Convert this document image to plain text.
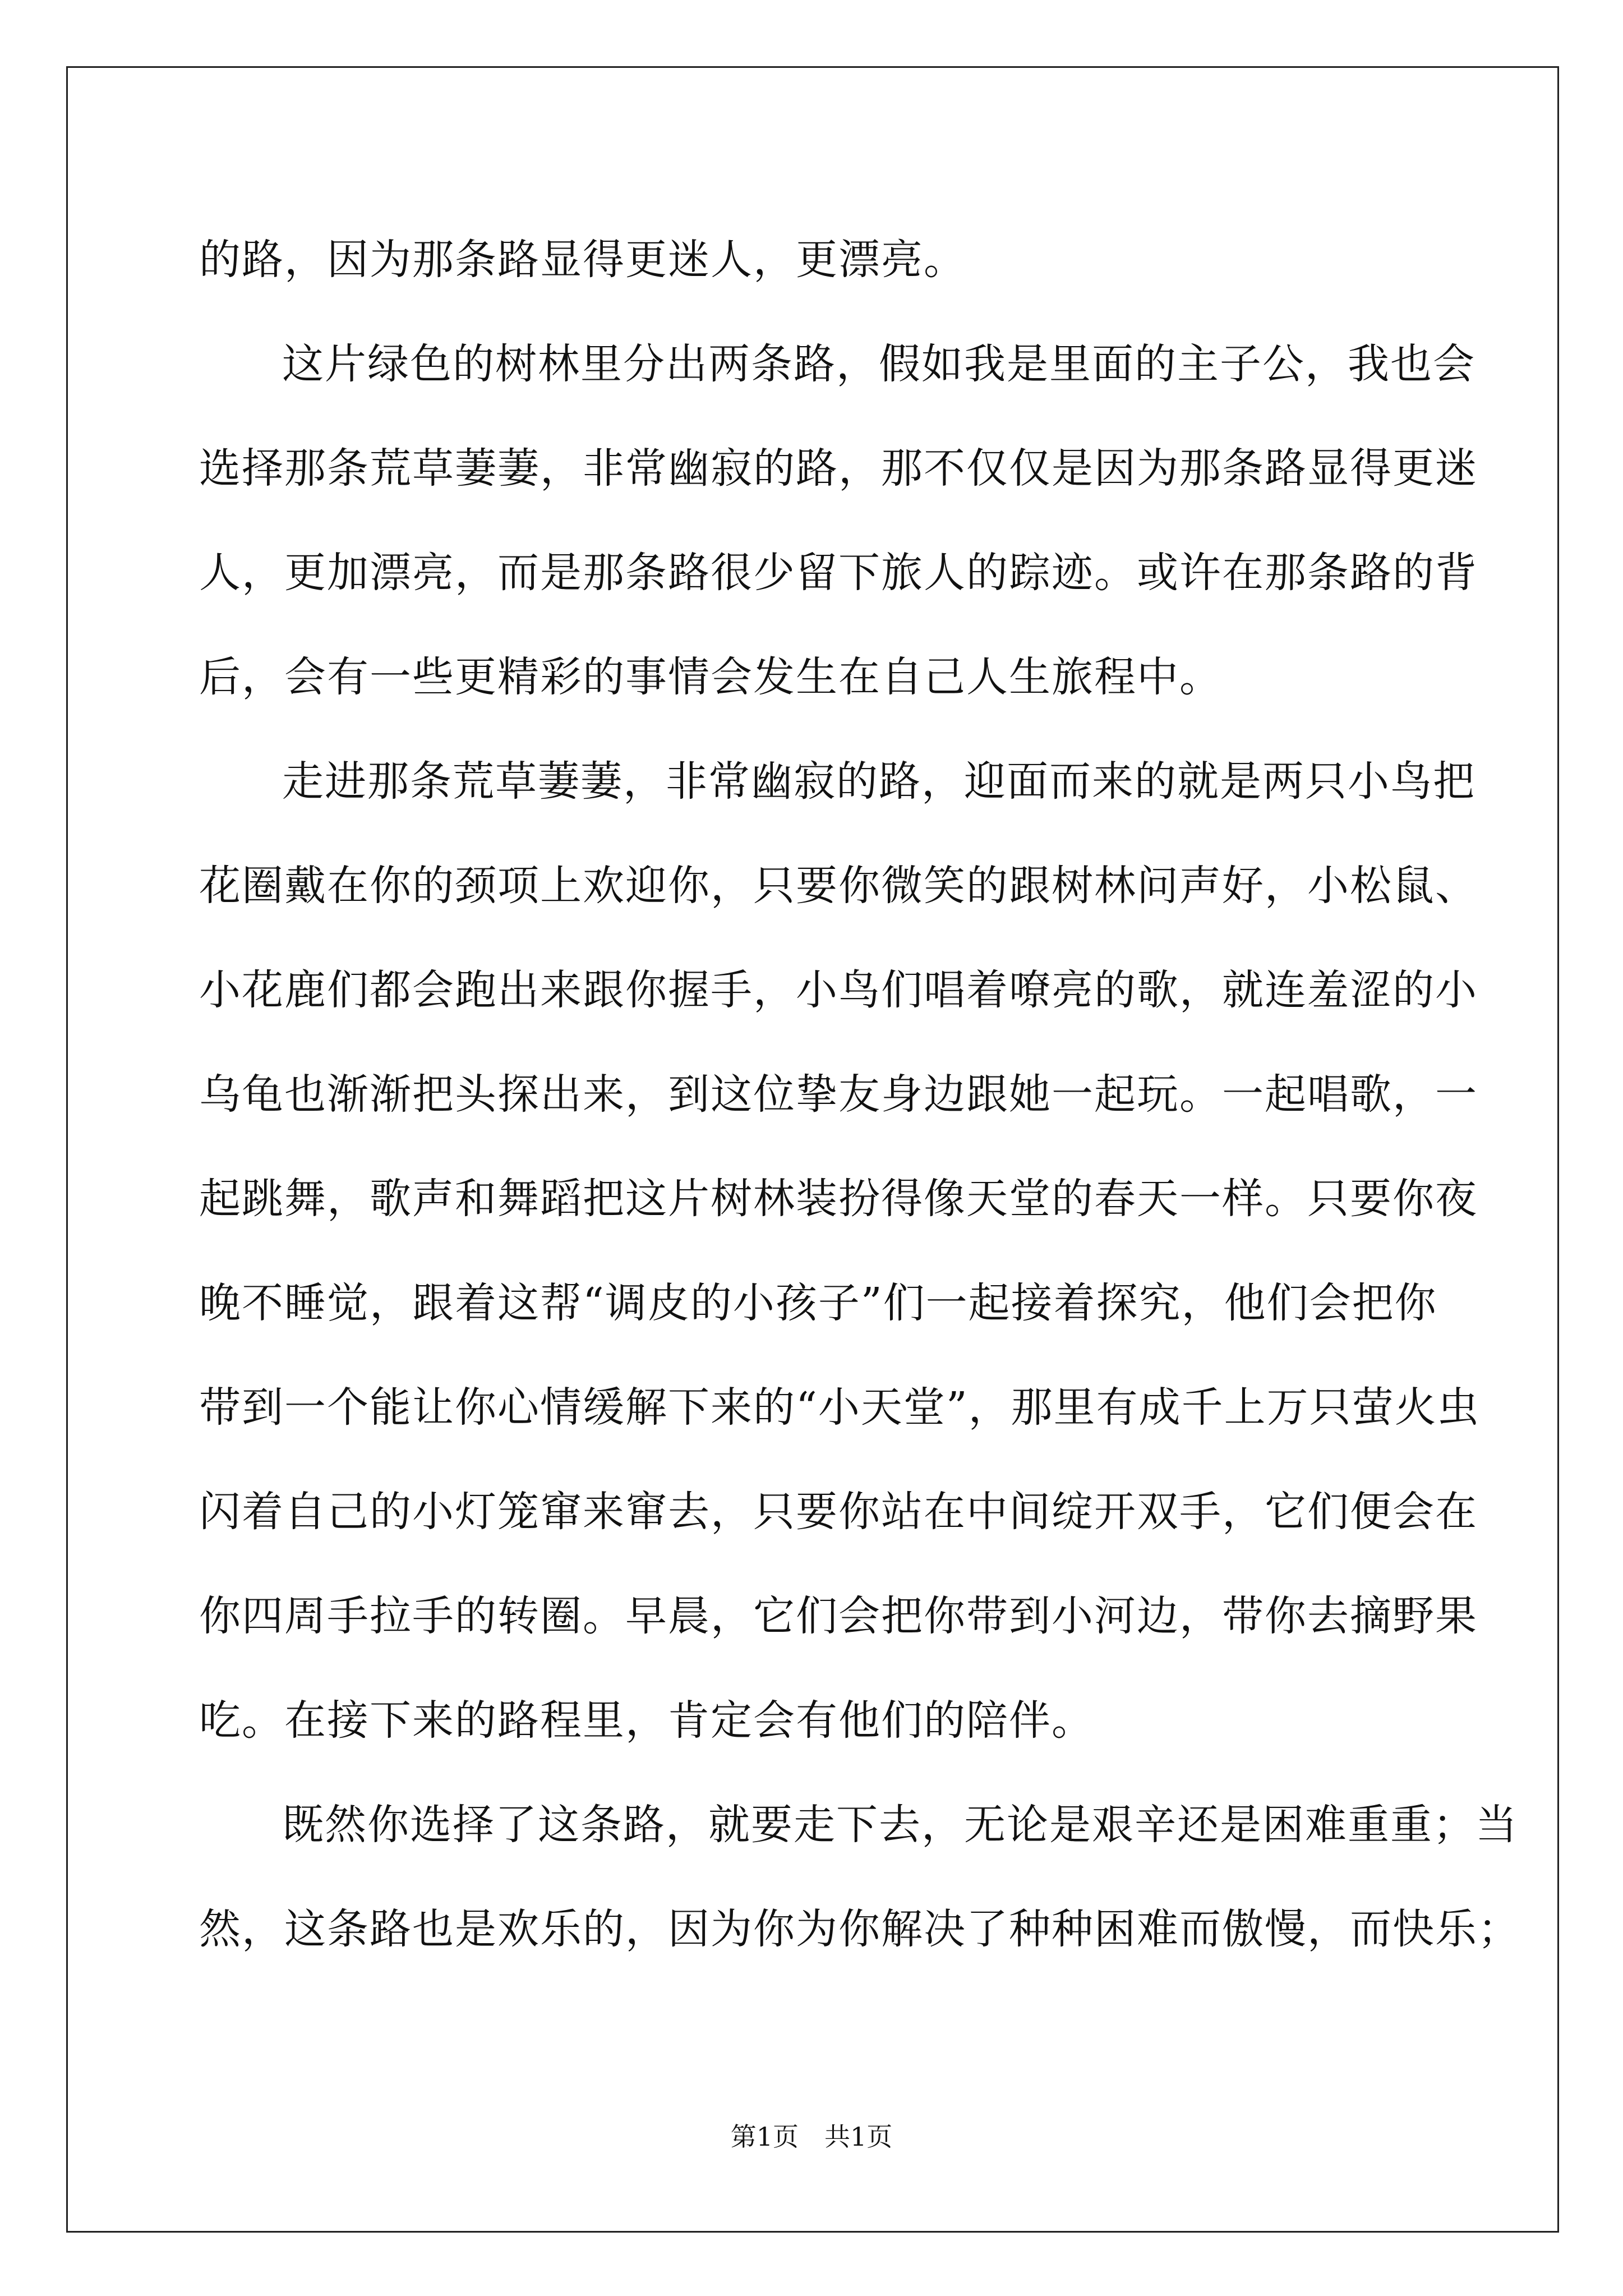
的路，因为那条路显得更迷人，更漂亮。
这片绿色的树林里分出两条路，假如我是里面的主子公，我也会
选择那条荒草萋萋，非常幽寂的路，那不仅仅是因为那条路显得更迷
人，更加漂亮，而是那条路很少留下旅人的踪迹。或许在那条路的背
后，会有一些更精彩的事情会发生在自己人生旅程中。
走进那条荒草萋萋，非常幽寂的路，迎面而来的就是两只小鸟把
花圈戴在你的颈项上欢迎你，只要你微笑的跟树林问声好，小松鼠、
小花鹿们都会跑出来跟你握手，小鸟们唱着嘹亮的歌，就连羞涩的小
乌龟也渐渐把头探出来，到这位挚友身边跟她一起玩。一起唱歌，一
起跳舞，歌声和舞蹈把这片树林装扮得像天堂的春天一样。只要你夜
晚不睡觉，跟着这帮“调皮的小孩子”们一起接着探究，他们会把你
带到一个能让你心情缓解下来的“小天堂”，那里有成千上万只萤火虫
闪着自己的小灯笼窜来窜去，只要你站在中间绽开双手，它们便会在
你四周手拉手的转圈。早晨，它们会把你带到小河边，带你去摘野果
吃。在接下来的路程里，肯定会有他们的陪伴。
既然你选择了这条路，就要走下去，无论是艰辛还是困难重重；当
然，这条路也是欢乐的，因为你为你解决了种种困难而傲慢，而快乐；
第1页 共1页
